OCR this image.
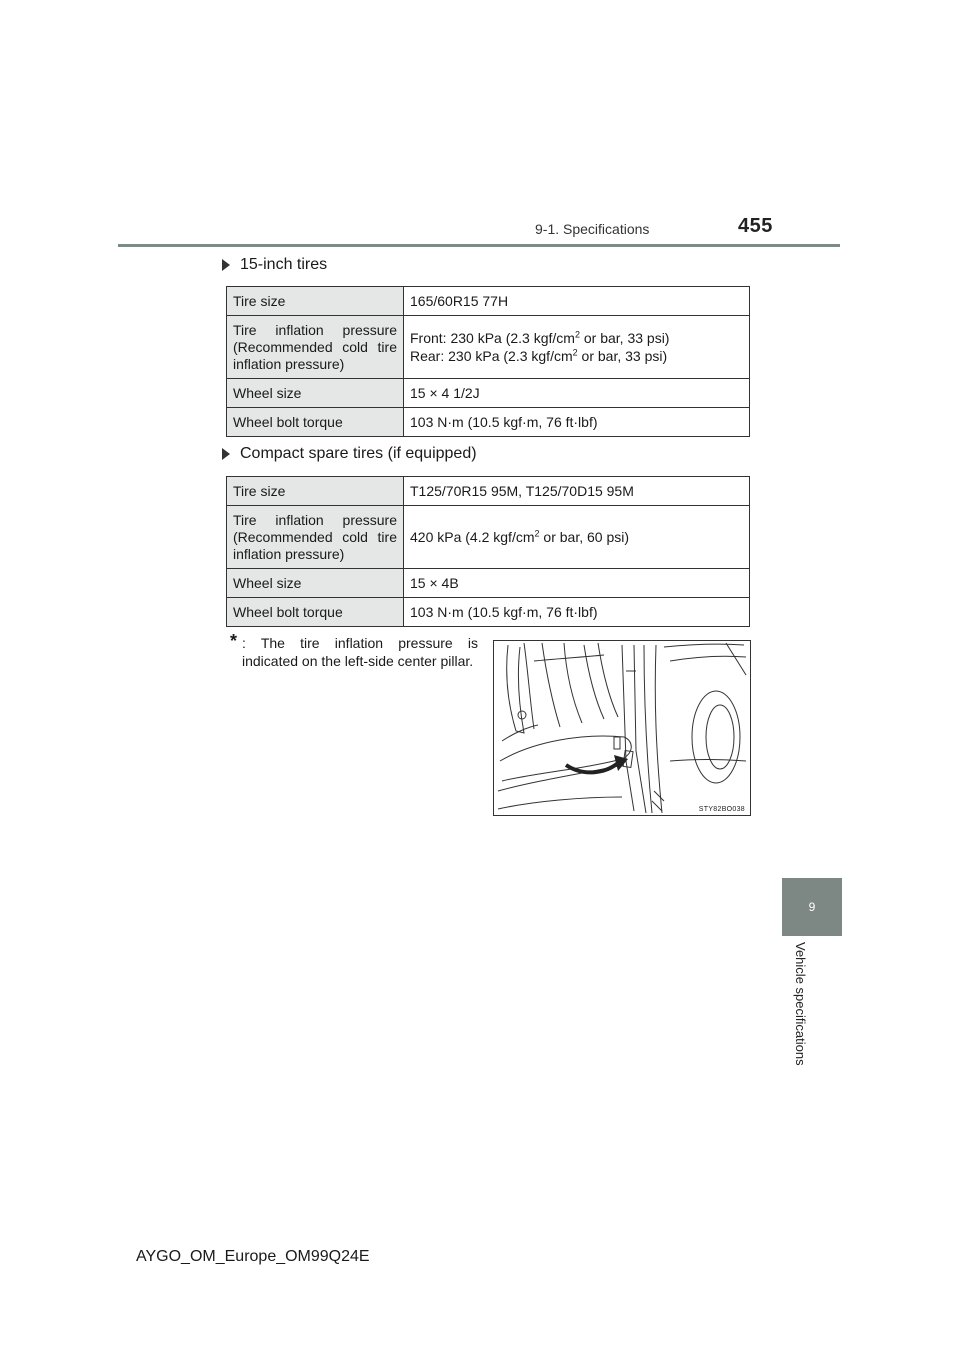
9-1. Specifications	455
15-inch tires
Tire size	165/60R15 77H
Tire inflation pressure (Recommended cold tire inflation pressure)	Front: 230 kPa (2.3 kgf/$cm^2$ or bar, 33 psi)
Rear: 230 kPa (2.3 kgf/$cm^2$ or bar, 33 psi)
Wheel size	15 × 4 1/2J
Wheel bolt torque	103 N·m (10.5 kgf·m, 76 ft·lbf)
Compact spare tires (if equipped)
Tire size	T125/70R15 95M, T125/70D15 95M
Tire inflation pressure (Recommended cold tire inflation pressure)	420 kPa (4.2 kgf/$cm^2$ or bar, 60 psi)
Wheel size	15 × 4B
Wheel bolt torque	103 N·m (10.5 kgf·m, 76 ft·lbf)
* : The tire inflation pressure is indicated on the left-side center pillar.
STY82BO038
9
Vehicle specifications
AYGO_OM_Europe_OM99Q24E
